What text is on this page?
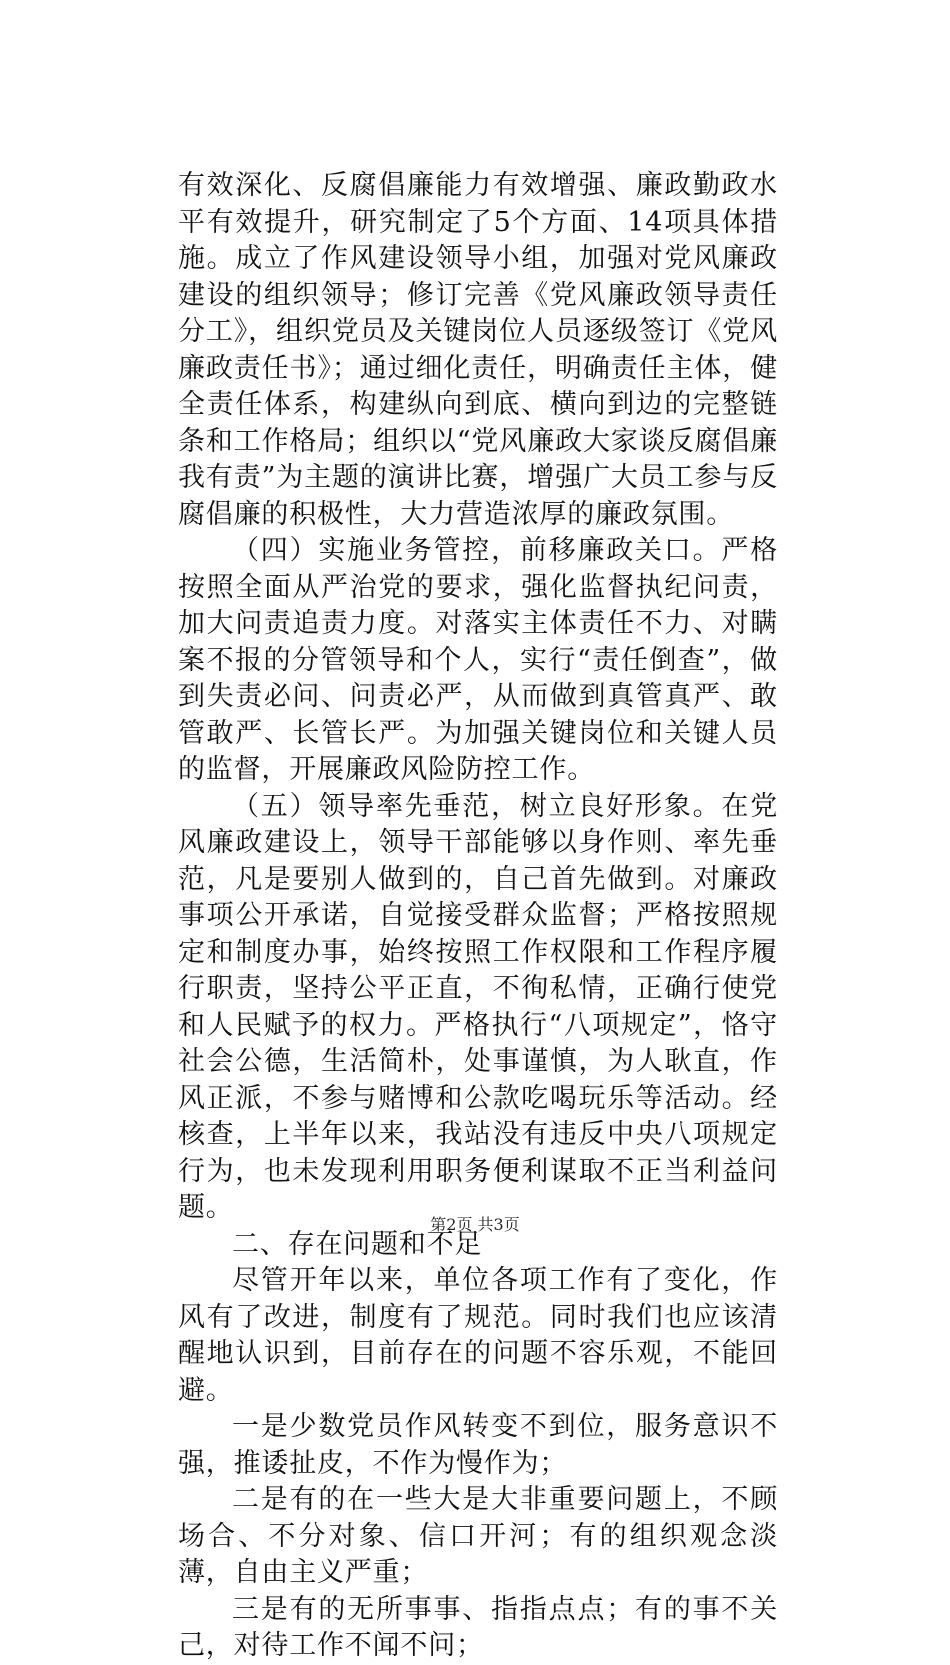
有效深化、反腐倡廉能力有效增强、廉政勤政水平有效提升，研究制定了5个方面、14项具体措施。成立了作风建设领导小组，加强对党风廉政建设的组织领导；修订完善《党风廉政领导责任分工》，组织党员及关键岗位人员逐级签订《党风廉政责任书》；通过细化责任，明确责任主体，健全责任体系，构建纵向到底、横向到边的完整链条和工作格局；组织以“党风廉政大家谈反腐倡廉我有责”为主题的演讲比赛，增强广大员工参与反腐倡廉的积极性，大力营造浓厚的廉政氛围。

（四）实施业务管控，前移廉政关口。严格按照全面从严治党的要求，强化监督执纪问责，加大问责追责力度。对落实主体责任不力、对瞒案不报的分管领导和个人，实行“责任倒查”，做到失责必问、问责必严，从而做到真管真严、敢管敢严、长管长严。为加强关键岗位和关键人员的监督，开展廉政风险防控工作。

（五）领导率先垂范，树立良好形象。在党风廉政建设上，领导干部能够以身作则、率先垂范，凡是要别人做到的，自己首先做到。对廉政事项公开承诺，自觉接受群众监督；严格按照规定和制度办事，始终按照工作权限和工作程序履行职责，坚持公平正直，不徇私情，正确行使党和人民赋予的权力。严格执行“八项规定”，恪守社会公德，生活简朴，处事谨慎，为人耿直，作风正派，不参与赌博和公款吃喝玩乐等活动。经核查，上半年以来，我站没有违反中央八项规定行为，也未发现利用职务便利谋取不正当利益问题。

二、存在问题和不足

尽管开年以来，单位各项工作有了变化，作风有了改进，制度有了规范。同时我们也应该清醒地认识到，目前存在的问题不容乐观，不能回避。

一是少数党员作风转变不到位，服务意识不强，推诿扯皮，不作为慢作为；

二是有的在一些大是大非重要问题上，不顾场合、不分对象、信口开河；有的组织观念淡薄，自由主义严重；

三是有的无所事事、指指点点；有的事不关己，对待工作不闻不问；

第2页 共3页
